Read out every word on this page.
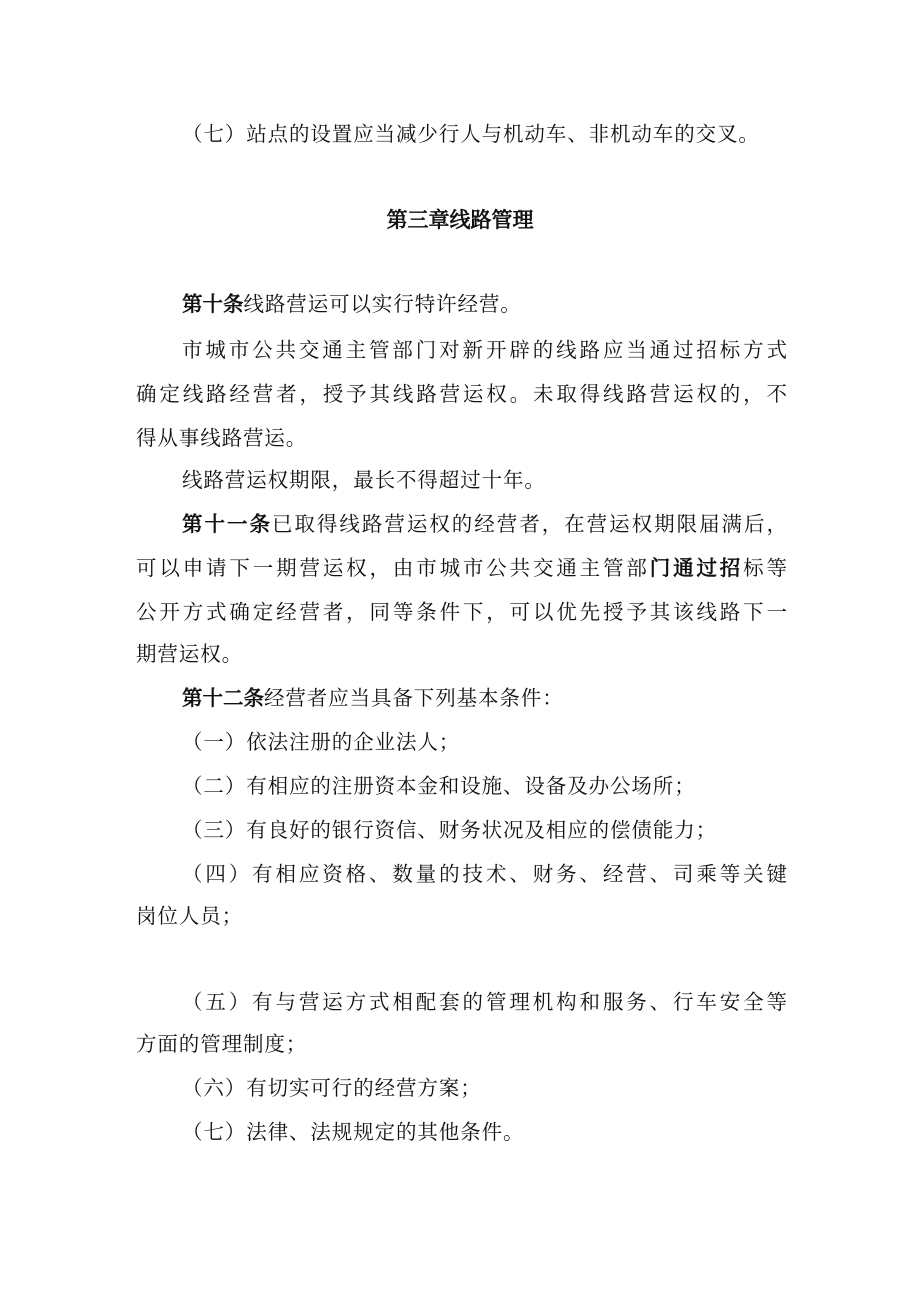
（七）站点的设置应当减少行人与机动车、非机动车的交叉。
第三章线路管理
第十条线路营运可以实行特许经营。
市城市公共交通主管部门对新开辟的线路应当通过招标方式
确定线路经营者，授予其线路营运权。未取得线路营运权的，不
得从事线路营运。
线路营运权期限，最长不得超过十年。
第十一条已取得线路营运权的经营者，在营运权期限届满后，
可以申请下一期营运权，由市城市公共交通主管部门通过招标等
公开方式确定经营者，同等条件下，可以优先授予其该线路下一
期营运权。
第十二条经营者应当具备下列基本条件：
（一）依法注册的企业法人；
（二）有相应的注册资本金和设施、设备及办公场所；
（三）有良好的银行资信、财务状况及相应的偿债能力；
（四）有相应资格、数量的技术、财务、经营、司乘等关键
岗位人员；
（五）有与营运方式相配套的管理机构和服务、行车安全等
方面的管理制度；
（六）有切实可行的经营方案；
（七）法律、法规规定的其他条件。
